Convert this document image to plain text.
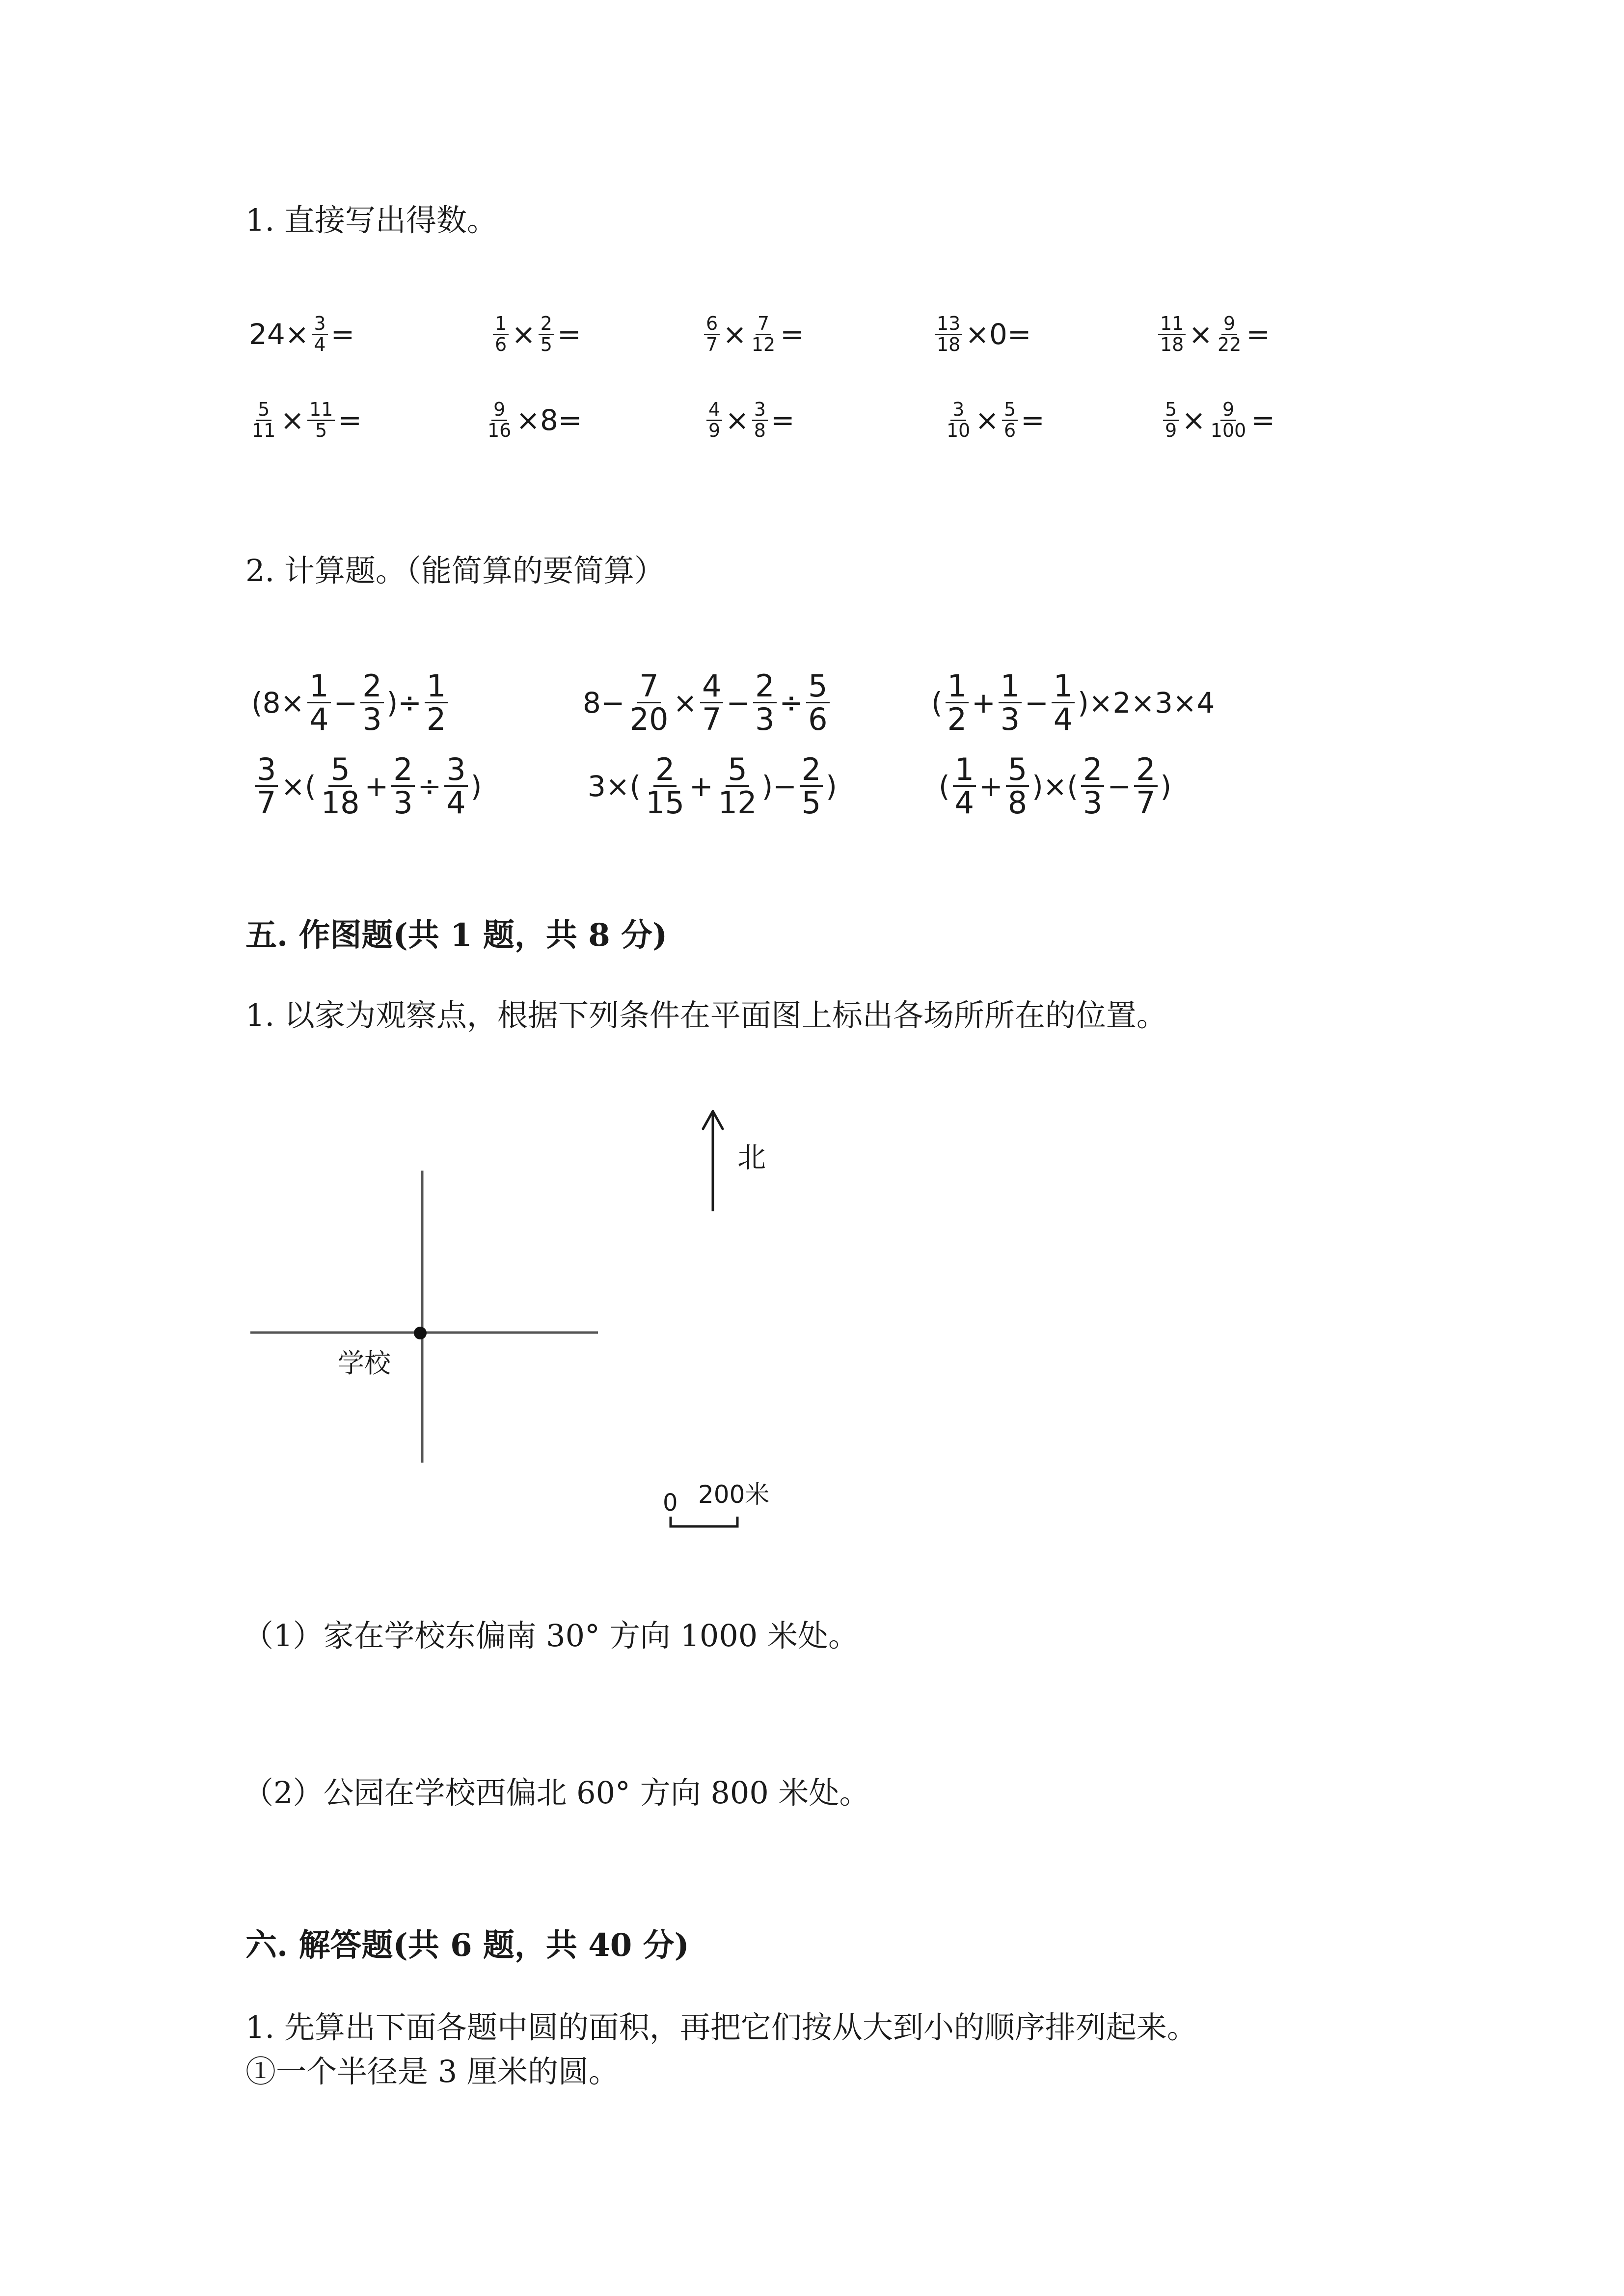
1. 直接写出得数。
$24\times \frac{3}{4}$ =	$\frac{1}{6} \times \frac{2}{5}$ =	$\frac{6}{7} \times \frac{7}{12}$ =	$\frac{13}{18} \times 0=$	$\frac{11}{18} \times \frac{9}{22}$ =
$\frac{5}{11} \times \frac{11}{5}$ =	$\frac{9}{16} \times 8=$	$\frac{4}{9} \times \frac{3}{8}$ =	$\frac{3}{10} \times \frac{5}{6}$ =	$\frac{5}{9} \times \frac{9}{100}$ =
2. 计算题。（能简算的要简算）
($8\times \frac{1}{4} - \frac{2}{3}$ )÷ $\frac{1}{2}$	$8- \frac{7}{20} \times \frac{4}{7} - \frac{2}{3} \div \frac{5}{6}$	( $\frac{1}{2} + \frac{1}{3} - \frac{1}{4} )\times 2\times 3\times 4$
$\frac{3}{7}$ ×( $\frac{5}{18} + \frac{2}{3} \div \frac{3}{4}$ )	$3\times( \frac{2}{15} + \frac{5}{12}$ )− $\frac{2}{5}$ )	( $\frac{1}{4} + \frac{5}{8}$ )×( $\frac{2}{3} - \frac{2}{7}$ )
五. 作图题(共 1 题，共 8 分)
1. 以家为观察点，根据下列条件在平面图上标出各场所所在的位置。
北
学校
0 200米
（1）家在学校东偏南 30° 方向 1000 米处。
（2）公园在学校西偏北 60° 方向 800 米处。
六. 解答题(共 6 题，共 40 分)
1. 先算出下面各题中圆的面积，再把它们按从大到小的顺序排列起来。
①一个半径是 3 厘米的圆。
